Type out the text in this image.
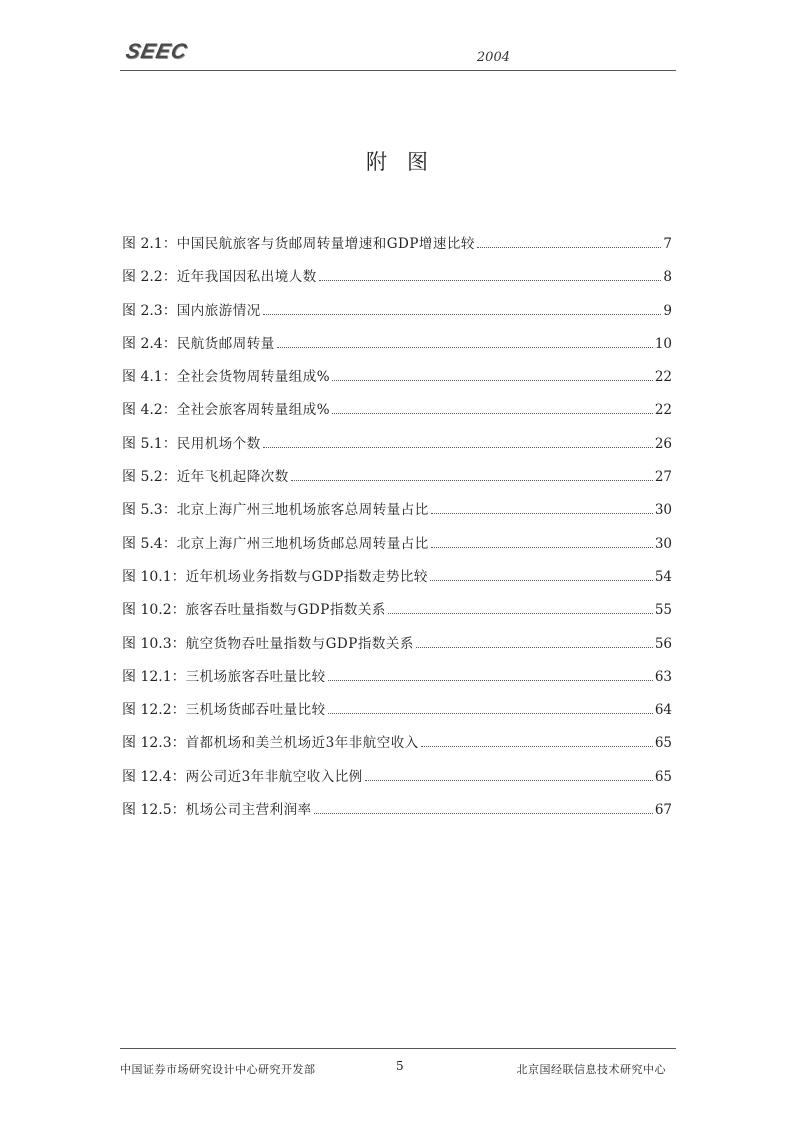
SEEC	2004
附 图
图 2.1： 中国民航旅客与货邮周转量增速和GDP增速比较	7
图 2.2： 近年我国因私出境人数	8
图 2.3： 国内旅游情况	9
图 2.4： 民航货邮周转量	10
图 4.1： 全社会货物周转量组成%	22
图 4.2： 全社会旅客周转量组成%	22
图 5.1： 民用机场个数	26
图 5.2： 近年飞机起降次数	27
图 5.3： 北京上海广州三地机场旅客总周转量占比	30
图 5.4： 北京上海广州三地机场货邮总周转量占比	30
图 10.1： 近年机场业务指数与GDP指数走势比较	54
图 10.2： 旅客吞吐量指数与GDP指数关系	55
图 10.3： 航空货物吞吐量指数与GDP指数关系	56
图 12.1： 三机场旅客吞吐量比较	63
图 12.2： 三机场货邮吞吐量比较	64
图 12.3： 首都机场和美兰机场近3年非航空收入	65
图 12.4： 两公司近3年非航空收入比例	65
图 12.5： 机场公司主营利润率	67
中国证券市场研究设计中心研究开发部	5	北京国经联信息技术研究中心
